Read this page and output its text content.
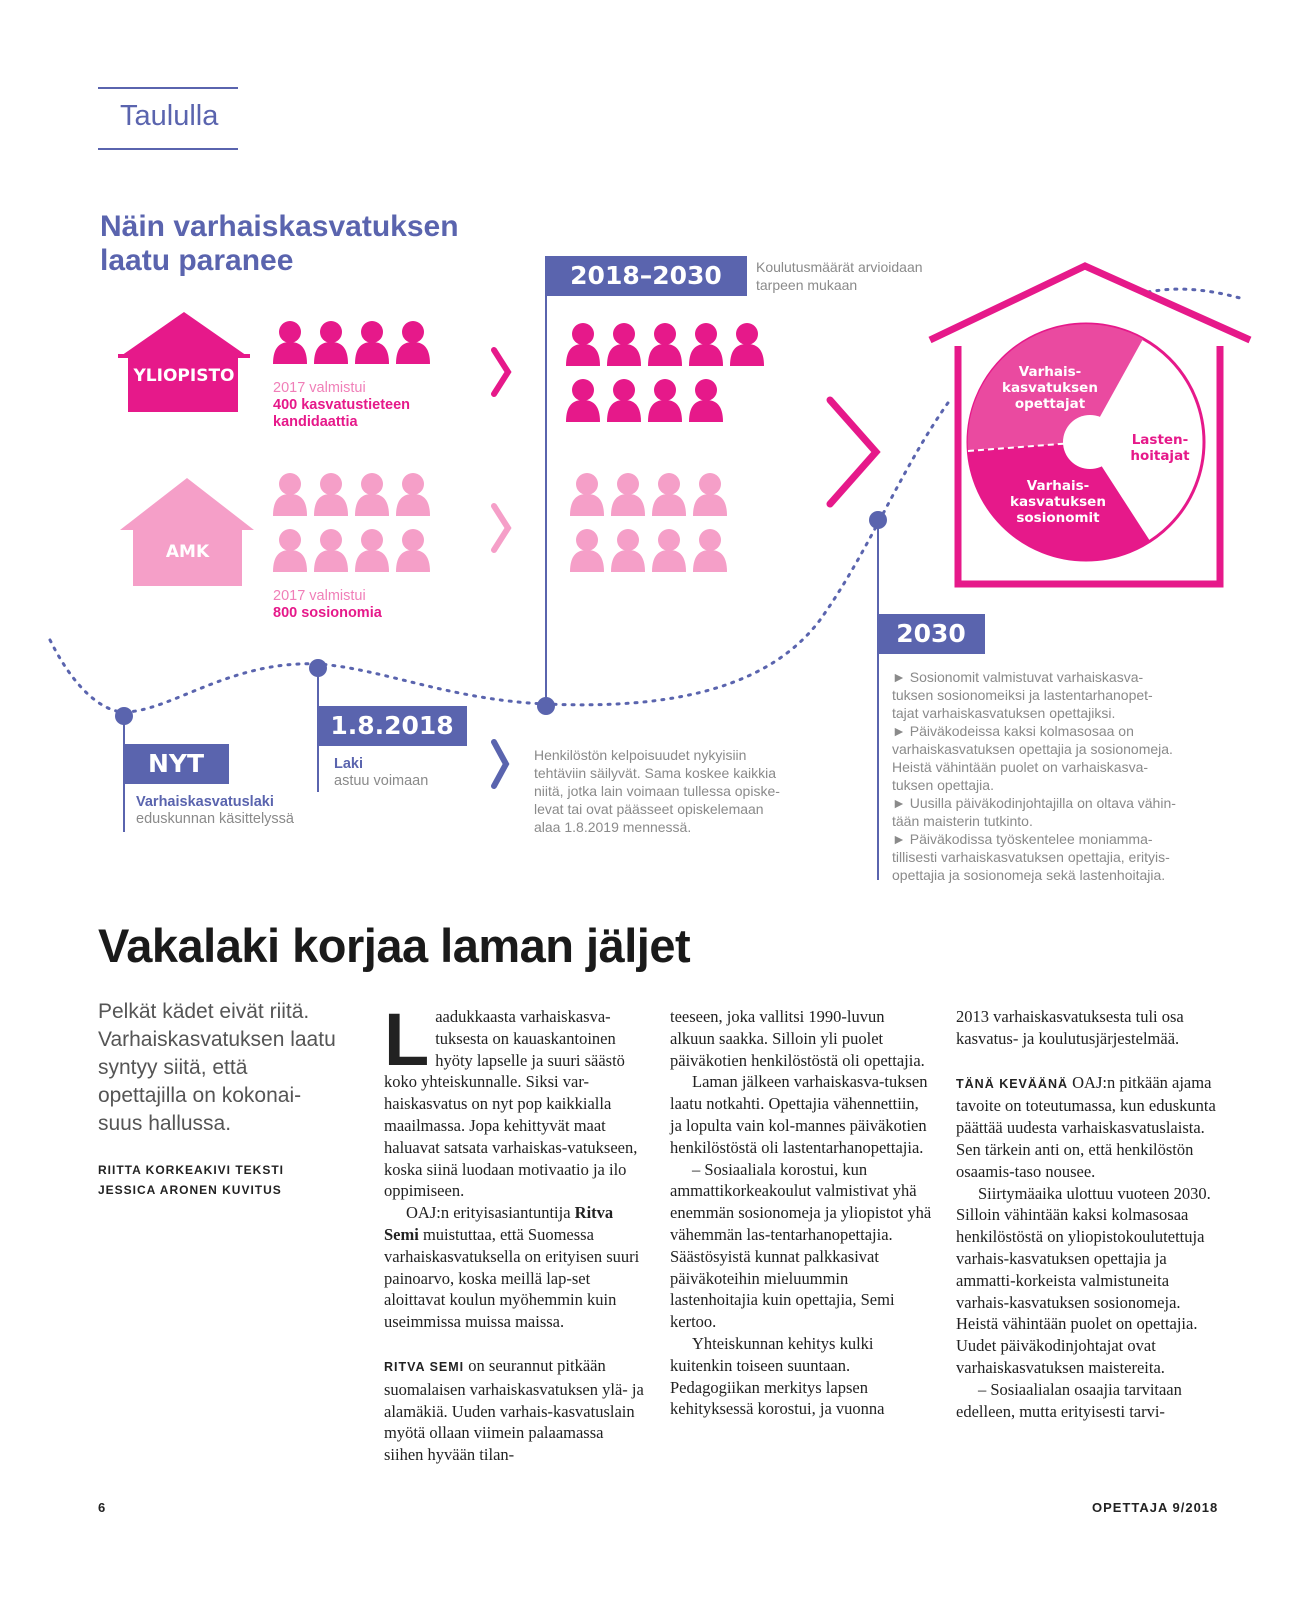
Taululla
Näin varhaiskasvatuksen
laatu paranee
YLIOPISTO
AMK
2017 valmistui
400 kasvatustieteen
kandidaattia
2017 valmistui
800 sosionomia
2018–2030	Koulutusmäärät arvioidaan
tarpeen mukaan
Varhais-
kasvatuksen
opettajat
Lasten-
hoitajat
Varhais-
kasvatuksen
sosionomit
NYT
Varhaiskasvatuslaki
eduskunnan käsittelyssä
1.8.2018
Laki
astuu voimaan
Henkilöstön kelpoisuudet nykyisiin
tehtäviin säilyvät. Sama koskee kaikkia
niitä, jotka lain voimaan tullessa opiske-
levat tai ovat päässeet opiskelemaan
alaa 1.8.2019 mennessä.
2030
► Sosionomit valmistuvat varhaiskasva-
tuksen sosionomeiksi ja lastentarhanopet-
tajat varhaiskasvatuksen opettajiksi.
► Päiväkodeissa kaksi kolmasosaa on
varhaiskasvatuksen opettajia ja sosionomeja.
Heistä vähintään puolet on varhaiskasva-
tuksen opettajia.
► Uusilla päiväkodinjohtajilla on oltava vähin-
tään maisterin tutkinto.
► Päiväkodissa työskentelee moniamma-
tillisesti varhaiskasvatuksen opettajia, erityis-
opettajia ja sosionomeja sekä lastenhoitajia.
Vakalaki korjaa laman jäljet
Pelkät kädet eivät riitä. Varhaiskasvatuksen laatu syntyy siitä, että opettajilla on kokonai-suus hallussa.
RIITTA KORKEAKIVI TEKSTI
JESSICA ARONEN KUVITUS

Laadukkaasta varhaiskasva-tuksesta on kauaskantoinen hyöty lapselle ja suuri säästö koko yhteiskunnalle. Siksi var-haiskasvatus on nyt pop kaikkialla maailmassa. Jopa kehittyvät maat haluavat satsata varhaiskas-vatukseen, koska siinä luodaan motivaatio ja ilo oppimiseen.

OAJ:n erityisasiantuntija Ritva Semi muistuttaa, että Suomessa varhaiskasvatuksella on erityisen suuri painoarvo, koska meillä lap-set aloittavat koulun myöhemmin kuin useimmissa muissa maissa.

RITVA SEMI on seurannut pitkään suomalaisen varhaiskasvatuksen ylä- ja alamäkiä. Uuden varhais-kasvatuslain myötä ollaan viimein palaamassa siihen hyvään tilan-

teeseen, joka vallitsi 1990-luvun alkuun saakka. Silloin yli puolet päiväkotien henkilöstöstä oli opettajia.

Laman jälkeen varhaiskasva-tuksen laatu notkahti. Opettajia vähennettiin, ja lopulta vain kol-mannes päiväkotien henkilöstöstä oli lastentarhanopettajia.

– Sosiaaliala korostui, kun ammattikorkeakoulut valmistivat yhä enemmän sosionomeja ja yliopistot yhä vähemmän las-tentarhanopettajia. Säästösyistä kunnat palkkasivat päiväkoteihin mieluummin lastenhoitajia kuin opettajia, Semi kertoo.

Yhteiskunnan kehitys kulki kuitenkin toiseen suuntaan. Pedagogiikan merkitys lapsen kehityksessä korostui, ja vuonna

2013 varhaiskasvatuksesta tuli osa kasvatus- ja koulutusjärjestelmää.

TÄNÄ KEVÄÄNÄ OAJ:n pitkään ajama tavoite on toteutumassa, kun eduskunta päättää uudesta varhaiskasvatuslaista. Sen tärkein anti on, että henkilöstön osaamis-taso nousee.

Siirtymäaika ulottuu vuoteen 2030. Silloin vähintään kaksi kolmasosaa henkilöstöstä on yliopistokoulutettuja varhais-kasvatuksen opettajia ja ammatti-korkeista valmistuneita varhais-kasvatuksen sosionomeja. Heistä vähintään puolet on opettajia. Uudet päiväkodinjohtajat ovat varhaiskasvatuksen maistereita.

– Sosiaalialan osaajia tarvitaan edelleen, mutta erityisesti tarvi-

6	OPETTAJA 9/2018
